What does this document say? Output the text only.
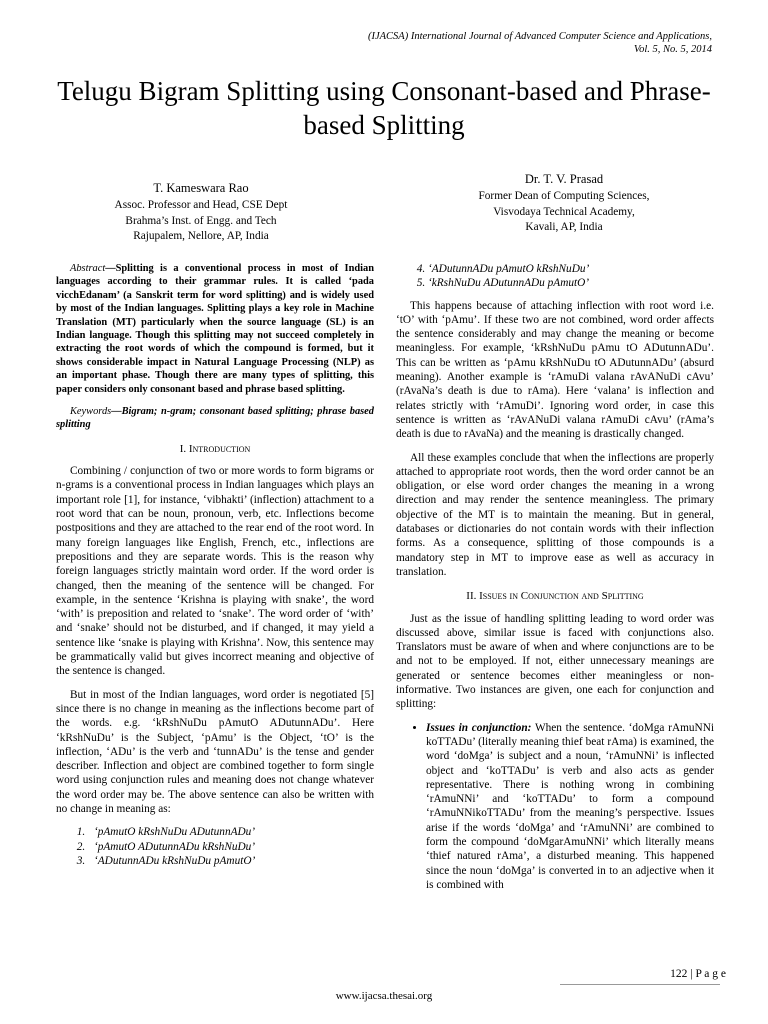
(IJACSA) International Journal of Advanced Computer Science and Applications,
Vol. 5, No. 5, 2014
Telugu Bigram Splitting using Consonant-based and Phrase-based Splitting
T. Kameswara Rao
Assoc. Professor and Head, CSE Dept
Brahma’s Inst. of Engg. and Tech
Rajupalem, Nellore, AP, India
Dr. T. V. Prasad
Former Dean of Computing Sciences,
Visvodaya Technical Academy,
Kavali, AP, India

Abstract—Splitting is a conventional process in most of Indian languages according to their grammar rules. It is called ‘pada vicchEdanam’ (a Sanskrit term for word splitting) and is widely used by most of the Indian languages. Splitting plays a key role in Machine Translation (MT) particularly when the source language (SL) is an Indian language. Though this splitting may not succeed completely in extracting the root words of which the compound is formed, but it shows considerable impact in Natural Language Processing (NLP) as an important phase. Though there are many types of splitting, this paper considers only consonant based and phrase based splitting.

Keywords—Bigram; n-gram; consonant based splitting; phrase based splitting

I. Introduction

Combining / conjunction of two or more words to form bigrams or n-grams is a conventional process in Indian languages which plays an important role [1], for instance, ‘vibhakti’ (inflection) attachment to a root word that can be noun, pronoun, verb, etc. Inflections become postpositions and they are attached to the rear end of the root word. In many foreign languages like English, French, etc., inflections are prepositions and they are separate words. This is the reason why foreign languages strictly maintain word order. If the word order is changed, then the meaning of the sentence will be changed. For example, in the sentence ‘Krishna is playing with snake’, the word ‘with’ is preposition and related to ‘snake’. The word order of ‘with’ and ‘snake’ should not be disturbed, and if changed, it may yield a sentence like ‘snake is playing with Krishna’. Now, this sentence may be grammatically valid but gives incorrect meaning and objective of the sentence is changed.

But in most of the Indian languages, word order is negotiated [5] since there is no change in meaning as the inflections become part of the words. e.g. ‘kRshNuDu pAmutO ADutunnADu’. Here ‘kRshNuDu’ is the Subject, ‘pAmu’ is the Object, ‘tO’ is the inflection, ‘ADu’ is the verb and ‘tunnADu’ is the tense and gender describer. Inflection and object are combined together to form single word using conjunction rules and meaning does not change whatever the word order may be. The above sentence can also be written with no change in meaning as:

1. ‘pAmutO kRshNuDu ADutunnADu’
2. ‘pAmutO ADutunnADu kRshNuDu’
3. ‘ADutunnADu kRshNuDu pAmutO’
4. ‘ADutunnADu pAmutO kRshNuDu’
5. ‘kRshNuDu ADutunnADu pAmutO’

This happens because of attaching inflection with root word i.e. ‘tO’ with ‘pAmu’. If these two are not combined, word order affects the sentence considerably and may change the meaning or become meaningless. For example, ‘kRshNuDu pAmu tO ADutunnADu’. This can be written as ‘pAmu kRshNuDu tO ADutunnADu’ (absurd meaning). Another example is ‘rAmuDi valana rAvANuDi cAvu’ (rAvaNa’s death is due to rAma). Here ‘valana’ is inflection and relates strictly with ‘rAmuDi’. Ignoring word order, in case this sentence is written as ‘rAvANuDi valana rAmuDi cAvu’ (rAma’s death is due to rAvaNa) and the meaning is drastically changed.

All these examples conclude that when the inflections are properly attached to appropriate root words, then the word order cannot be an obligation, or else word order changes the meaning in a wrong direction and may render the sentence meaningless. The primary objective of the MT is to maintain the meaning. But in general, databases or dictionaries do not contain words with their inflection forms. As a consequence, splitting of those compounds is a mandatory step in MT to improve ease as well as accuracy in translation.

II. Issues in Conjunction and Splitting

Just as the issue of handling splitting leading to word order was discussed above, similar issue is faced with conjunctions also. Translators must be aware of when and where conjunctions are to be and not to be employed. If not, either unnecessary meanings are generated or sentence becomes either meaningless or non-informative. Two instances are given, one each for conjunction and splitting:

• Issues in conjunction: When the sentence. ‘doMga rAmuNNi koTTADu’ (literally meaning thief beat rAma) is examined, the word ‘doMga’ is subject and a noun, ‘rAmuNNi’ is inflected object and ‘koTTADu’ is verb and also acts as gender representative. There is nothing wrong in combining ‘rAmuNNi’ and ‘koTTADu’ to form a compound ‘rAmuNNikoTTADu’ from the meaning’s perspective. Issues arise if the words ‘doMga’ and ‘rAmuNNi’ are combined to form the compound ‘doMgarAmuNNi’ which literally means ‘thief natured rAma’, a disturbed meaning. This happened since the noun ‘doMga’ is converted in to an adjective when it is combined with
122 | P a g e
www.ijacsa.thesai.org
